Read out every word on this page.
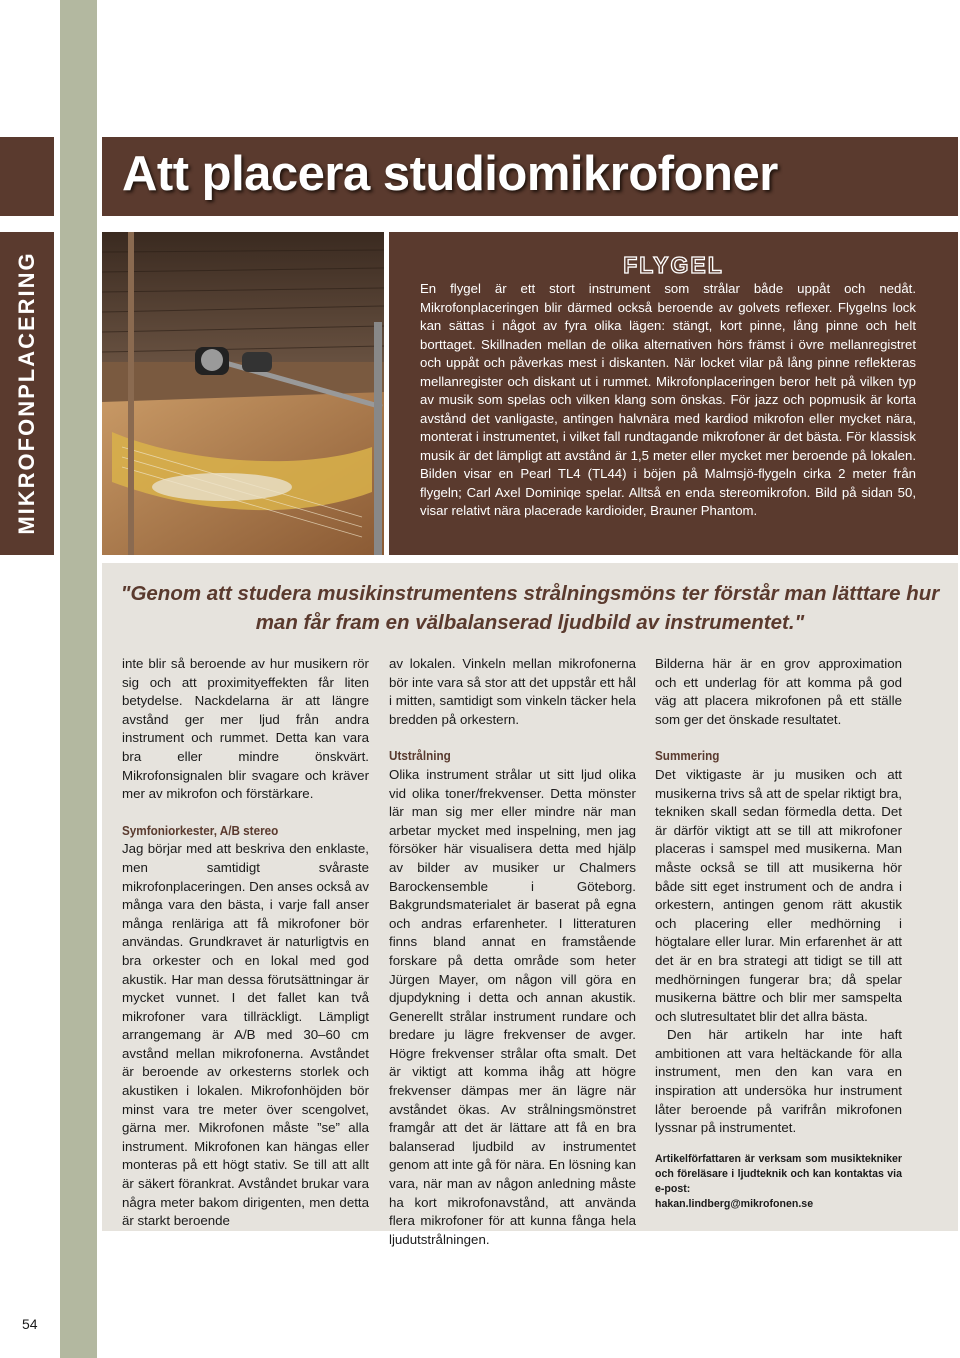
Att placera studiomikrofoner
MIKROFONPLACERING	FLYGEL

En flygel är ett stort instrument som strålar både uppåt och nedåt. Mikrofonplaceringen blir därmed också beroende av golvets reflexer. Flygelns lock kan sättas i något av fyra olika lägen: stängt, kort pinne, lång pinne och helt borttaget. Skillnaden mellan de olika alternativen hörs främst i övre mellanregistret och uppåt och påverkas mest i diskanten. När locket vilar på lång pinne reflekteras mellanregister och diskant ut i rummet. Mikrofonplaceringen beror helt på vilken typ av musik som spelas och vilken klang som önskas. För jazz och popmusik är korta avstånd det vanligaste, antingen halvnära med kardiod mikrofon eller mycket nära, monterat i instrumentet, i vilket fall rundtagande mikrofoner är det bästa. För klassisk musik är det lämpligt att avstånd är 1,5 meter eller mycket mer beroende på lokalen. Bilden visar en Pearl TL4 (TL44) i böjen på Malmsjö-flygeln cirka 2 meter från flygeln; Carl Axel Dominiqe spelar. Alltså en enda stereomikrofon. Bild på sidan 50, visar relativt nära placerade kardioider, Brauner Phantom.

"Genom att studera musikinstrumentens strålningsmöns ter förstår man lätttare hur man får fram en välbalanserad ljudbild av instrumentet."

inte blir så beroende av hur musikern rör sig och att proximityeffekten får liten betydelse. Nackdelarna är att längre avstånd ger mer ljud från andra instrument och rummet. Detta kan vara bra eller mindre önskvärt. Mikrofonsignalen blir svagare och kräver mer av mikrofon och förstärkare.

Symfoniorkester, A/B stereo

Jag börjar med att beskriva den enklaste, men samtidigt svåraste mikrofonplaceringen. Den anses också av många vara den bästa, i varje fall anser många renläriga att få mikrofoner bör användas. Grundkravet är naturligtvis en bra orkester och en lokal med god akustik. Har man dessa förutsättningar är mycket vunnet. I det fallet kan två mikrofoner vara tillräckligt. Lämpligt arrangemang är A/B med 30–60 cm avstånd mellan mikrofonerna. Avståndet är beroende av orkesterns storlek och akustiken i lokalen. Mikrofonhöjden bör minst vara tre meter över scengolvet, gärna mer. Mikrofonen måste ”se” alla instrument. Mikrofonen kan hängas eller monteras på ett högt stativ. Se till att allt är säkert förankrat. Avståndet brukar vara några meter bakom dirigenten, men detta är starkt beroende

av lokalen. Vinkeln mellan mikrofonerna bör inte vara så stor att det uppstår ett hål i mitten, samtidigt som vinkeln täcker hela bredden på orkestern.

Utstrålning

Olika instrument strålar ut sitt ljud olika vid olika toner/frekvenser. Detta mönster lär man sig mer eller mindre när man arbetar mycket med inspelning, men jag försöker här visualisera detta med hjälp av bilder av musiker ur Chalmers Barockensemble i Göteborg. Bakgrundsmaterialet är baserat på egna och andras erfarenheter. I litteraturen finns bland annat en framstående forskare på detta område som heter Jürgen Mayer, om någon vill göra en djupdykning i detta och annan akustik. Generellt strålar instrument rundare och bredare ju lägre frekvenser de avger. Högre frekvenser strålar ofta smalt. Det är viktigt att komma ihåg att högre frekvenser dämpas mer än lägre när avståndet ökas. Av strålningsmönstret framgår att det är lättare att få en bra balanserad ljudbild av instrumentet genom att inte gå för nära. En lösning kan vara, när man av någon anledning måste ha kort mikrofonavstånd, att använda flera mikrofoner för att kunna fånga hela ljudutstrålningen.

Bilderna här är en grov approximation och ett underlag för att komma på god väg att placera mikrofonen på ett ställe som ger det önskade resultatet.

Summering

Det viktigaste är ju musiken och att musikerna trivs så att de spelar riktigt bra, tekniken skall sedan förmedla detta. Det är därför viktigt att se till att mikrofoner placeras i samspel med musikerna. Man måste också se till att musikerna hör både sitt eget instrument och de andra i orkestern, antingen genom rätt akustik och placering eller medhörning i högtalare eller lurar. Min erfarenhet är att det är en bra strategi att tidigt se till att medhörningen fungerar bra; då spelar musikerna bättre och blir mer samspelta och slutresultatet blir det allra bästa.

Den här artikeln har inte haft ambitionen att vara heltäckande för alla instrument, men den kan vara en inspiration att undersöka hur instrument låter beroende på varifrån mikrofonen lyssnar på instrumentet.

Artikelförfattaren är verksam som musiktekniker och föreläsare i ljudteknik och kan kontaktas via e-post:

hakan.lindberg@mikrofonen.se

54
